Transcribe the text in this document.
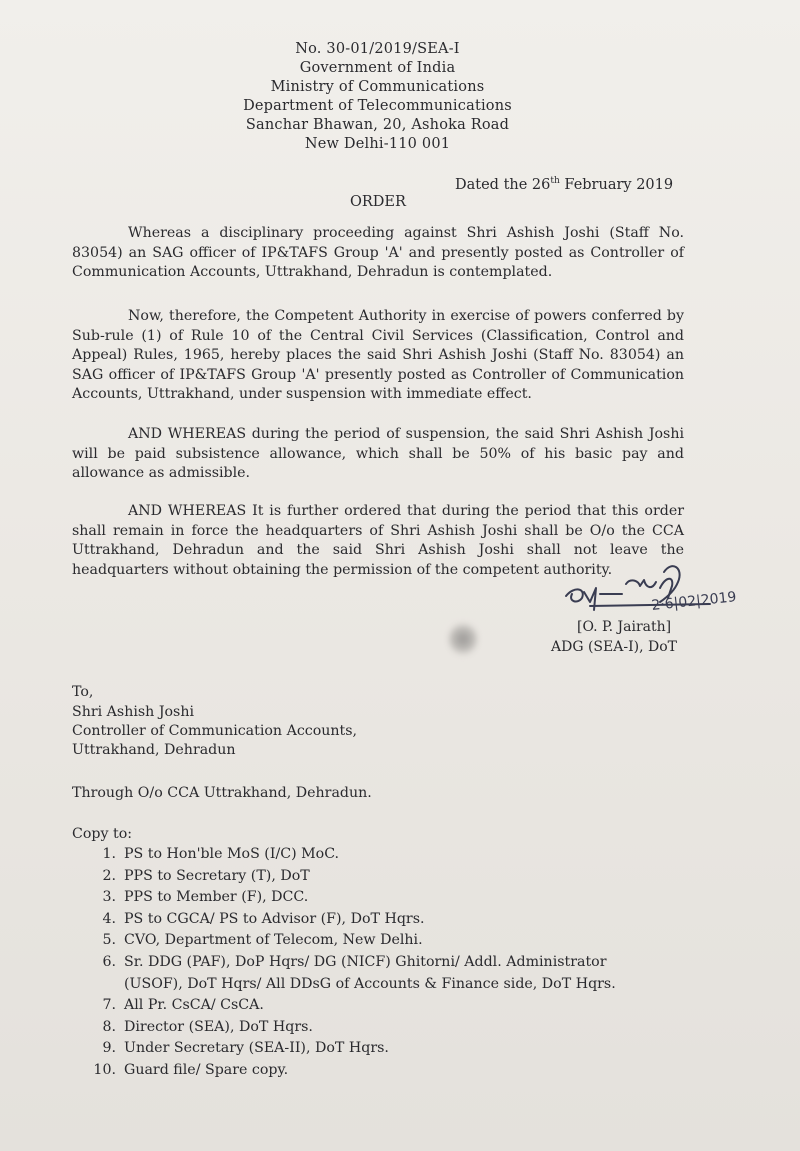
No. 30-01/2019/SEA-I
Government of India
Ministry of Communications
Department of Telecommunications
Sanchar Bhawan, 20, Ashoka Road
New Delhi-110 001
Dated the 26th February 2019
ORDER

Whereas a disciplinary proceeding against Shri Ashish Joshi (Staff No. 83054) an SAG officer of IP&TAFS Group 'A' and presently posted as Controller of Communication Accounts, Uttrakhand, Dehradun is contemplated.

Now, therefore, the Competent Authority in exercise of powers conferred by Sub-rule (1) of Rule 10 of the Central Civil Services (Classification, Control and Appeal) Rules, 1965, hereby places the said Shri Ashish Joshi (Staff No. 83054) an SAG officer of IP&TAFS Group 'A' presently posted as Controller of Communication Accounts, Uttrakhand, under suspension with immediate effect.

AND WHEREAS during the period of suspension, the said Shri Ashish Joshi will be paid subsistence allowance, which shall be 50% of his basic pay and allowance as admissible.

AND WHEREAS It is further ordered that during the period that this order shall remain in force the headquarters of Shri Ashish Joshi shall be O/o the CCA Uttrakhand, Dehradun and the said Shri Ashish Joshi shall not leave the headquarters without obtaining the permission of the competent authority.

2·6|02|2019
[O. P. Jairath]
ADG (SEA-I), DoT
To,
Shri Ashish Joshi
Controller of Communication Accounts,
Uttrakhand, Dehradun
Through O/o CCA Uttrakhand, Dehradun.
Copy to:
1. PS to Hon'ble MoS (I/C) MoC.
2. PPS to Secretary (T), DoT
3. PPS to Member (F), DCC.
4. PS to CGCA/ PS to Advisor (F), DoT Hqrs.
5. CVO, Department of Telecom, New Delhi.
6. Sr. DDG (PAF), DoP Hqrs/ DG (NICF) Ghitorni/ Addl. Administrator
(USOF), DoT Hqrs/ All DDsG of Accounts & Finance side, DoT Hqrs.
7. All Pr. CsCA/ CsCA.
8. Director (SEA), DoT Hqrs.
9. Under Secretary (SEA-II), DoT Hqrs.
10. Guard file/ Spare copy.
